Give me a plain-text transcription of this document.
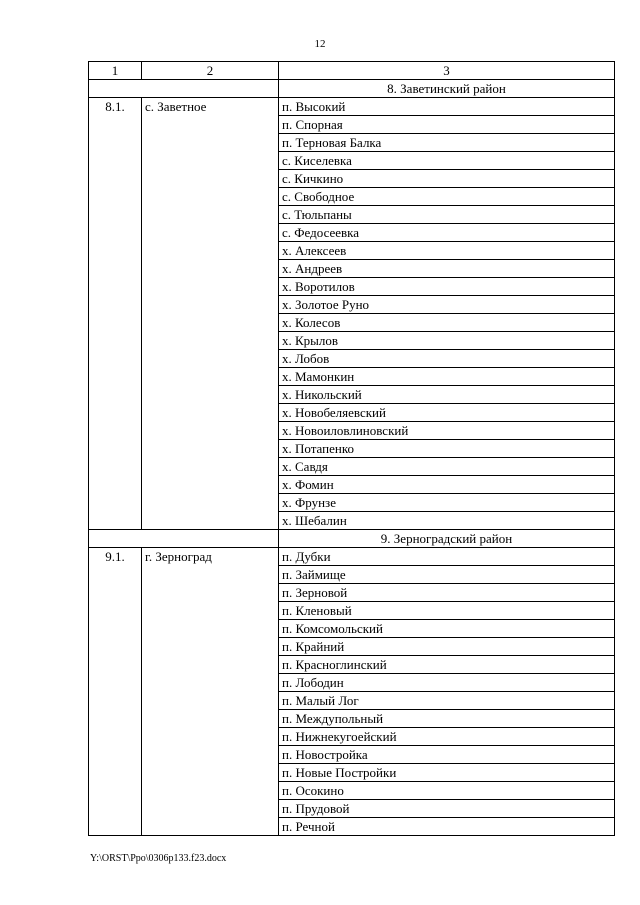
12
1	2	3
		8. Заветинский район
8.1.	с. Заветное	п. Высокий
		п. Спорная
		п. Терновая Балка
		с. Киселевка
		с. Кичкино
		с. Свободное
		с. Тюльпаны
		с. Федосеевка
		х. Алексеев
		х. Андреев
		х. Воротилов
		х. Золотое Руно
		х. Колесов
		х. Крылов
		х. Лобов
		х. Мамонкин
		х. Никольский
		х. Новобеляевский
		х. Новоиловлиновский
		х. Потапенко
		х. Савдя
		х. Фомин
		х. Фрунзе
		х. Шебалин
		9. Зерноградский район
9.1.	г. Зерноград	п. Дубки
		п. Займище
		п. Зерновой
		п. Кленовый
		п. Комсомольский
		п. Крайний
		п. Красноглинский
		п. Лободин
		п. Малый Лог
		п. Междупольный
		п. Нижнекугоейский
		п. Новостройка
		п. Новые Постройки
		п. Осокино
		п. Прудовой
		п. Речной
Y:\ORST\Ppo\0306p133.f23.docx
